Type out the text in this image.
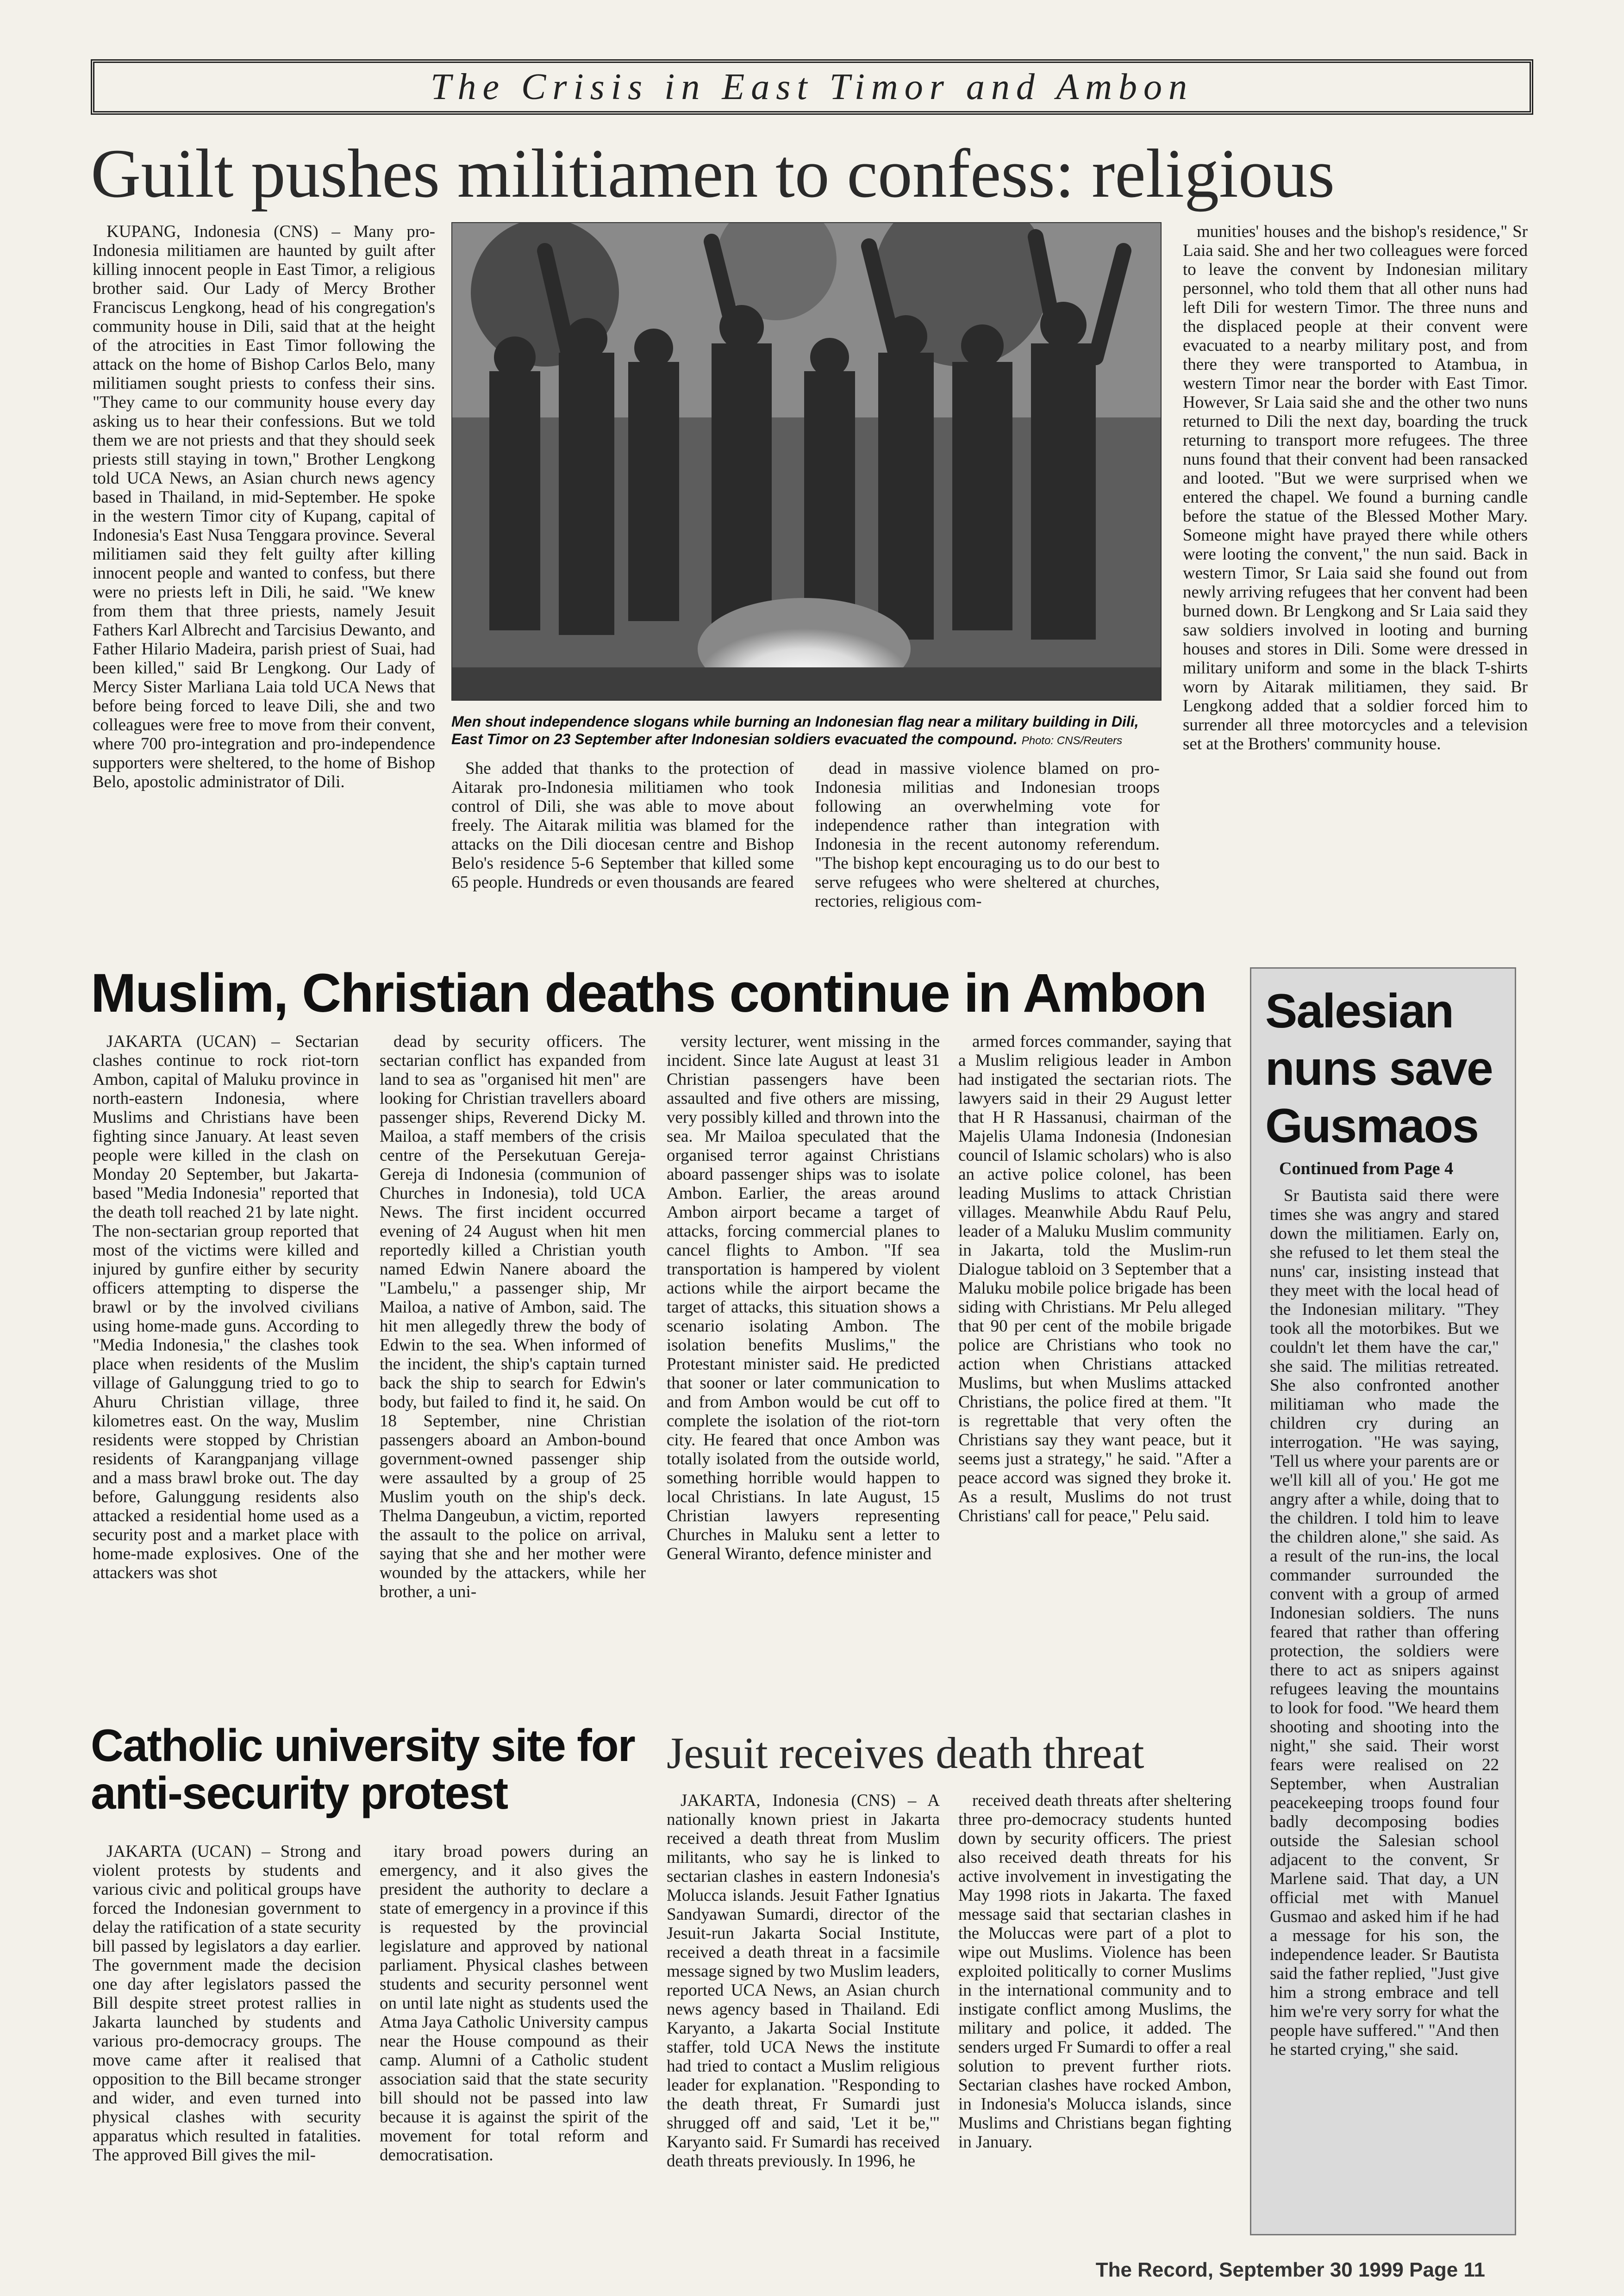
The Crisis in East Timor and Ambon
Guilt pushes militiamen to confess: religious

KUPANG, Indonesia (CNS) – Many pro-Indonesia militiamen are haunted by guilt after killing innocent people in East Timor, a religious brother said. Our Lady of Mercy Brother Franciscus Lengkong, head of his congregation's community house in Dili, said that at the height of the atrocities in East Timor following the attack on the home of Bishop Carlos Belo, many militiamen sought priests to confess their sins. "They came to our community house every day asking us to hear their confessions. But we told them we are not priests and that they should seek priests still staying in town," Brother Lengkong told UCA News, an Asian church news agency based in Thailand, in mid-September. He spoke in the western Timor city of Kupang, capital of Indonesia's East Nusa Tenggara province. Several militiamen said they felt guilty after killing innocent people and wanted to confess, but there were no priests left in Dili, he said. "We knew from them that three priests, namely Jesuit Fathers Karl Albrecht and Tarcisius Dewanto, and Father Hilario Madeira, parish priest of Suai, had been killed," said Br Lengkong. Our Lady of Mercy Sister Marliana Laia told UCA News that before being forced to leave Dili, she and two colleagues were free to move from their convent, where 700 pro-integration and pro-independence supporters were sheltered, to the home of Bishop Belo, apostolic administrator of Dili.

Men shout independence slogans while burning an Indonesian flag near a military building in Dili, East Timor on 23 September after Indonesian soldiers evacuated the compound. Photo: CNS/Reuters

She added that thanks to the protection of Aitarak pro-Indonesia militiamen who took control of Dili, she was able to move about freely. The Aitarak militia was blamed for the attacks on the Dili diocesan centre and Bishop Belo's residence 5-6 September that killed some 65 people. Hundreds or even thousands are feared

dead in massive violence blamed on pro-Indonesia militias and Indonesian troops following an overwhelming vote for independence rather than integration with Indonesia in the recent autonomy referendum. "The bishop kept encouraging us to do our best to serve refugees who were sheltered at churches, rectories, religious com-

munities' houses and the bishop's residence," Sr Laia said. She and her two colleagues were forced to leave the convent by Indonesian military personnel, who told them that all other nuns had left Dili for western Timor. The three nuns and the displaced people at their convent were evacuated to a nearby military post, and from there they were transported to Atambua, in western Timor near the border with East Timor. However, Sr Laia said she and the other two nuns returned to Dili the next day, boarding the truck returning to transport more refugees. The three nuns found that their convent had been ransacked and looted. "But we were surprised when we entered the chapel. We found a burning candle before the statue of the Blessed Mother Mary. Someone might have prayed there while others were looting the convent," the nun said. Back in western Timor, Sr Laia said she found out from newly arriving refugees that her convent had been burned down. Br Lengkong and Sr Laia said they saw soldiers involved in looting and burning houses and stores in Dili. Some were dressed in military uniform and some in the black T-shirts worn by Aitarak militiamen, they said. Br Lengkong added that a soldier forced him to surrender all three motorcycles and a television set at the Brothers' community house.

Muslim, Christian deaths continue in Ambon

JAKARTA (UCAN) – Sectarian clashes continue to rock riot-torn Ambon, capital of Maluku province in north-eastern Indonesia, where Muslims and Christians have been fighting since January. At least seven people were killed in the clash on Monday 20 September, but Jakarta-based "Media Indonesia" reported that the death toll reached 21 by late night. The non-sectarian group reported that most of the victims were killed and injured by gunfire either by security officers attempting to disperse the brawl or by the involved civilians using home-made guns. According to "Media Indonesia," the clashes took place when residents of the Muslim village of Galunggung tried to go to Ahuru Christian village, three kilometres east. On the way, Muslim residents were stopped by Christian residents of Karangpanjang village and a mass brawl broke out. The day before, Galunggung residents also attacked a residential home used as a security post and a market place with home-made explosives. One of the attackers was shot

dead by security officers. The sectarian conflict has expanded from land to sea as "organised hit men" are looking for Christian travellers aboard passenger ships, Reverend Dicky M. Mailoa, a staff members of the crisis centre of the Persekutuan Gereja-Gereja di Indonesia (communion of Churches in Indonesia), told UCA News. The first incident occurred evening of 24 August when hit men reportedly killed a Christian youth named Edwin Nanere aboard the "Lambelu," a passenger ship, Mr Mailoa, a native of Ambon, said. The hit men allegedly threw the body of Edwin to the sea. When informed of the incident, the ship's captain turned back the ship to search for Edwin's body, but failed to find it, he said. On 18 September, nine Christian passengers aboard an Ambon-bound government-owned passenger ship were assaulted by a group of 25 Muslim youth on the ship's deck. Thelma Dangeubun, a victim, reported the assault to the police on arrival, saying that she and her mother were wounded by the attackers, while her brother, a uni-

versity lecturer, went missing in the incident. Since late August at least 31 Christian passengers have been assaulted and five others are missing, very possibly killed and thrown into the sea. Mr Mailoa speculated that the organised terror against Christians aboard passenger ships was to isolate Ambon. Earlier, the areas around Ambon airport became a target of attacks, forcing commercial planes to cancel flights to Ambon. "If sea transportation is hampered by violent actions while the airport became the target of attacks, this situation shows a scenario isolating Ambon. The isolation benefits Muslims," the Protestant minister said. He predicted that sooner or later communication to and from Ambon would be cut off to complete the isolation of the riot-torn city. He feared that once Ambon was totally isolated from the outside world, something horrible would happen to local Christians. In late August, 15 Christian lawyers representing Churches in Maluku sent a letter to General Wiranto, defence minister and

armed forces commander, saying that a Muslim religious leader in Ambon had instigated the sectarian riots. The lawyers said in their 29 August letter that H R Hassanusi, chairman of the Majelis Ulama Indonesia (Indonesian council of Islamic scholars) who is also an active police colonel, has been leading Muslims to attack Christian villages. Meanwhile Abdu Rauf Pelu, leader of a Maluku Muslim community in Jakarta, told the Muslim-run Dialogue tabloid on 3 September that a Maluku mobile police brigade has been siding with Christians. Mr Pelu alleged that 90 per cent of the mobile brigade police are Christians who took no action when Christians attacked Muslims, but when Muslims attacked Christians, the police fired at them. "It is regrettable that very often the Christians say they want peace, but it seems just a strategy," he said. "After a peace accord was signed they broke it. As a result, Muslims do not trust Christians' call for peace," Pelu said.

Catholic university site for anti-security protest

JAKARTA (UCAN) – Strong and violent protests by students and various civic and political groups have forced the Indonesian government to delay the ratification of a state security bill passed by legislators a day earlier. The government made the decision one day after legislators passed the Bill despite street protest rallies in Jakarta launched by students and various pro-democracy groups. The move came after it realised that opposition to the Bill became stronger and wider, and even turned into physical clashes with security apparatus which resulted in fatalities. The approved Bill gives the mil-

itary broad powers during an emergency, and it also gives the president the authority to declare a state of emergency in a province if this is requested by the provincial legislature and approved by national parliament. Physical clashes between students and security personnel went on until late night as students used the Atma Jaya Catholic University campus near the House compound as their camp. Alumni of a Catholic student association said that the state security bill should not be passed into law because it is against the spirit of the movement for total reform and democratisation.

Jesuit receives death threat

JAKARTA, Indonesia (CNS) – A nationally known priest in Jakarta received a death threat from Muslim militants, who say he is linked to sectarian clashes in eastern Indonesia's Molucca islands. Jesuit Father Ignatius Sandyawan Sumardi, director of the Jesuit-run Jakarta Social Institute, received a death threat in a facsimile message signed by two Muslim leaders, reported UCA News, an Asian church news agency based in Thailand. Edi Karyanto, a Jakarta Social Institute staffer, told UCA News the institute had tried to contact a Muslim religious leader for explanation. "Responding to the death threat, Fr Sumardi just shrugged off and said, 'Let it be,'" Karyanto said. Fr Sumardi has received death threats previously. In 1996, he

received death threats after sheltering three pro-democracy students hunted down by security officers. The priest also received death threats for his active involvement in investigating the May 1998 riots in Jakarta. The faxed message said that sectarian clashes in the Moluccas were part of a plot to wipe out Muslims. Violence has been exploited politically to corner Muslims in the international community and to instigate conflict among Muslims, the military and police, it added. The senders urged Fr Sumardi to offer a real solution to prevent further riots. Sectarian clashes have rocked Ambon, in Indonesia's Molucca islands, since Muslims and Christians began fighting in January.

Salesian nuns save Gusmaos
Continued from Page 4

Sr Bautista said there were times she was angry and stared down the militiamen. Early on, she refused to let them steal the nuns' car, insisting instead that they meet with the local head of the Indonesian military. "They took all the motorbikes. But we couldn't let them have the car," she said. The militias retreated. She also confronted another militiaman who made the children cry during an interrogation. "He was saying, 'Tell us where your parents are or we'll kill all of you.' He got me angry after a while, doing that to the children. I told him to leave the children alone," she said. As a result of the run-ins, the local commander surrounded the convent with a group of armed Indonesian soldiers. The nuns feared that rather than offering protection, the soldiers were there to act as snipers against refugees leaving the mountains to look for food. "We heard them shooting and shooting into the night," she said. Their worst fears were realised on 22 September, when Australian peacekeeping troops found four badly decomposing bodies outside the Salesian school adjacent to the convent, Sr Marlene said. That day, a UN official met with Manuel Gusmao and asked him if he had a message for his son, the independence leader. Sr Bautista said the father replied, "Just give him a strong embrace and tell him we're very sorry for what the people have suffered." "And then he started crying," she said.

The Record, September 30 1999 Page 11
